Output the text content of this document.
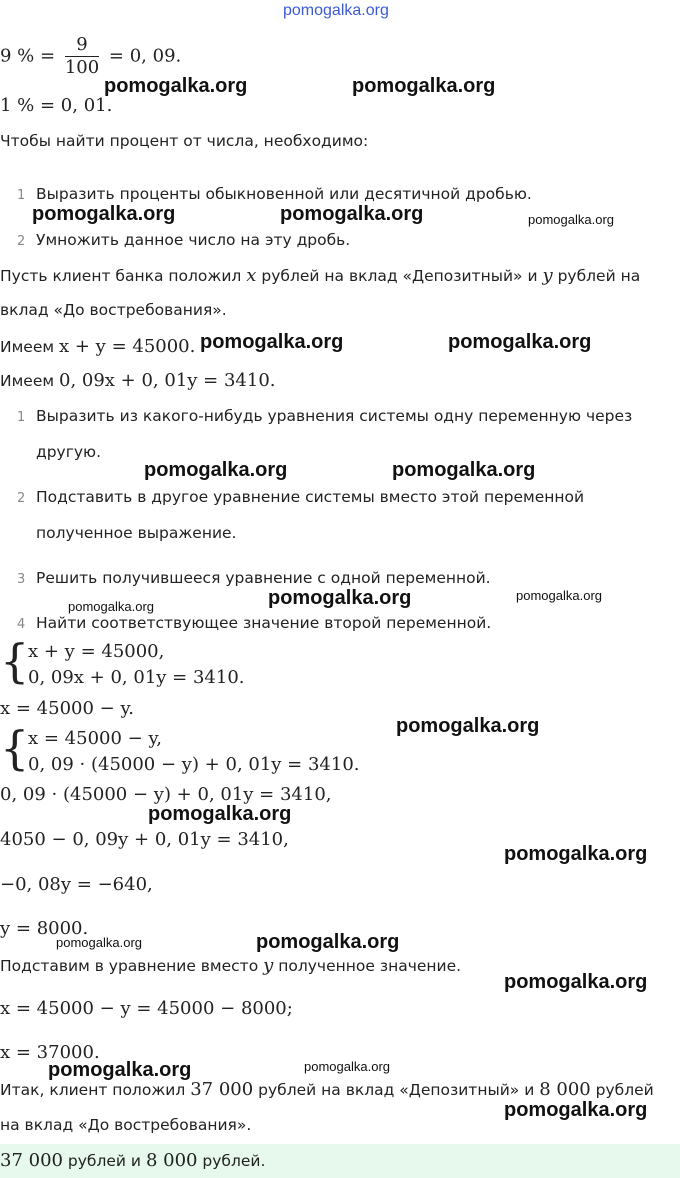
pomogalka.org
9 % = $\frac{9}{100} = 0$, 09.
1 % = 0, 01.
Чтобы найти процент от числа, необходимо:
1 Выразить проценты обыкновенной или десятичной дробью.
2 Умножить данное число на эту дробь.
Пусть клиент банка положил x рублей на вклад «Депозитный» и y рублей на
вклад «До востребования».
Имеем x + y = 45000.
Имеем 0, 09x + 0, 01y = 3410.
1 Выразить из какого-нибудь уравнения системы одну переменную через
другую.
2 Подставить в другое уравнение системы вместо этой переменной
полученное выражение.
3 Решить получившееся уравнение с одной переменной.
4 Найти соответствующее значение второй переменной.
{
x + y = 45000,
0, 09x + 0, 01y = 3410.
x = 45000 − y.
{
x = 45000 − y,
0, 09 · (45000 − y) + 0, 01y = 3410.
0, 09 · (45000 − y) + 0, 01y = 3410,
4050 − 0, 09y + 0, 01y = 3410,
−0, 08y = −640,
y = 8000.
Подставим в уравнение вместо y полученное значение.
x = 45000 − y = 45000 − 8000;
x = 37000.
Итак, клиент положил 37 000 рублей на вклад «Депозитный» и 8 000 рублей
на вклад «До востребования».
37 000 рублей и 8 000 рублей.
pomogalka.org	pomogalka.org
pomogalka.org	pomogalka.org	pomogalka.org
pomogalka.org	pomogalka.org
pomogalka.org	pomogalka.org
pomogalka.org
pomogalka.org
pomogalka.org
pomogalka.org
pomogalka.org
pomogalka.org
pomogalka.org	pomogalka.org
pomogalka.org
pomogalka.org	pomogalka.org
pomogalka.org
